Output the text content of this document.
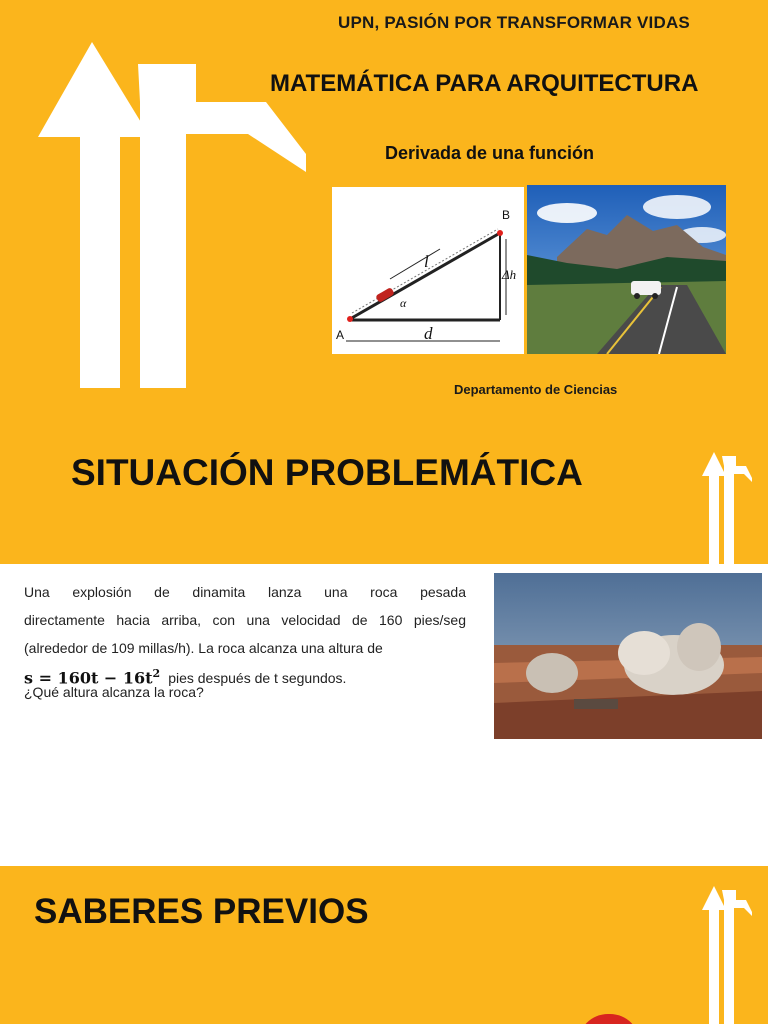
UPN, PASIÓN POR TRANSFORMAR VIDAS
MATEMÁTICA PARA ARQUITECTURA
Derivada de una función
A
B
l
d
Δh
α
Departamento de Ciencias
SITUACIÓN PROBLEMÁTICA
Una explosión de dinamita lanza una roca pesada
directamente hacia arriba, con una velocidad de 160 pies/seg
(alrededor de 109 millas/h). La roca alcanza una altura de
$s = 160t - 16t^2$ pies después de t segundos.
¿Qué altura alcanza la roca?
SABERES PREVIOS
